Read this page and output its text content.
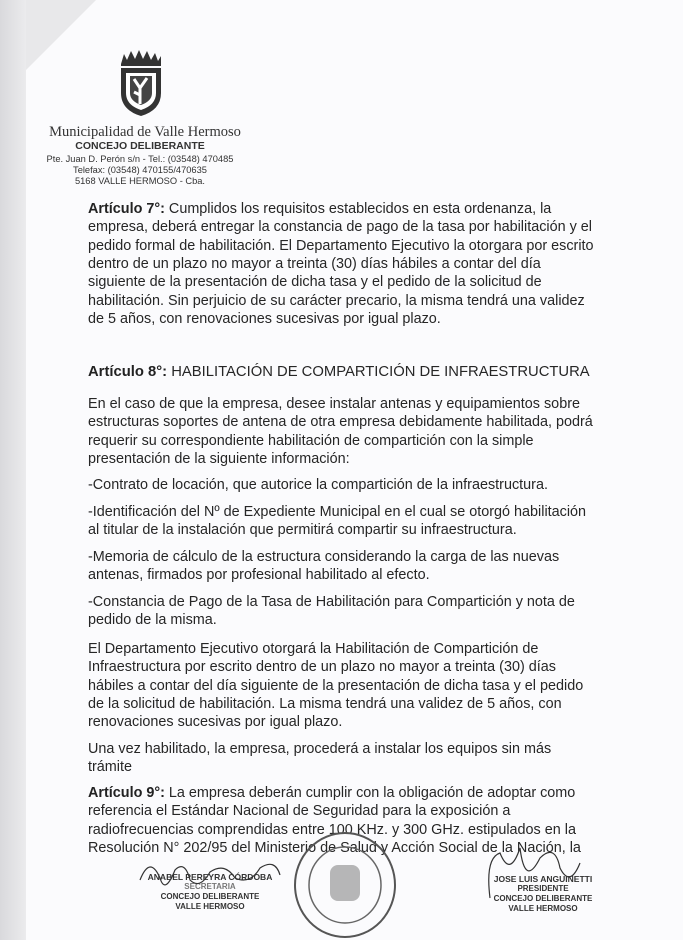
Municipalidad de Valle Hermoso
CONCEJO DELIBERANTE
Pte. Juan D. Perón s/n - Tel.: (03548) 470485
Telefax: (03548) 470155/470635
5168 VALLE HERMOSO - Cba.
Artículo 7°: Cumplidos los requisitos establecidos en esta ordenanza, la
empresa, deberá entregar la constancia de pago de la tasa por habilitación y el
pedido formal de habilitación. El Departamento Ejecutivo la otorgara por escrito
dentro de un plazo no mayor a treinta (30) días hábiles a contar del día
siguiente de la presentación de dicha tasa y el pedido de la solicitud de
habilitación. Sin perjuicio de su carácter precario, la misma tendrá una validez
de 5 años, con renovaciones sucesivas por igual plazo.
Artículo 8°: HABILITACIÓN DE COMPARTICIÓN DE INFRAESTRUCTURA
En el caso de que la empresa, desee instalar antenas y equipamientos sobre
estructuras soportes de antena de otra empresa debidamente habilitada, podrá
requerir su correspondiente habilitación de compartición con la simple
presentación de la siguiente información:
-Contrato de locación, que autorice la compartición de la infraestructura.
-Identificación del Nº de Expediente Municipal en el cual se otorgó habilitación
al titular de la instalación que permitirá compartir su infraestructura.
-Memoria de cálculo de la estructura considerando la carga de las nuevas
antenas, firmados por profesional habilitado al efecto.
-Constancia de Pago de la Tasa de Habilitación para Compartición y nota de
pedido de la misma.
El Departamento Ejecutivo otorgará la Habilitación de Compartición de
Infraestructura por escrito dentro de un plazo no mayor a treinta (30) días
hábiles a contar del día siguiente de la presentación de dicha tasa y el pedido
de la solicitud de habilitación. La misma tendrá una validez de 5 años, con
renovaciones sucesivas por igual plazo.
Una vez habilitado, la empresa, procederá a instalar los equipos sin más
trámite
Artículo 9°: La empresa deberán cumplir con la obligación de adoptar como
referencia el Estándar Nacional de Seguridad para la exposición a
radiofrecuencias comprendidas entre 100 KHz. y 300 GHz. estipulados en la
Resolución N° 202/95 del Ministerio de Salud y Acción Social de la Nación, la
ANABEL PEREYRA CÓRDOBA
SECRETARIA
CONCEJO DELIBERANTE
VALLE HERMOSO
JOSE LUIS ANGUINETTI
PRESIDENTE
CONCEJO DELIBERANTE
VALLE HERMOSO
